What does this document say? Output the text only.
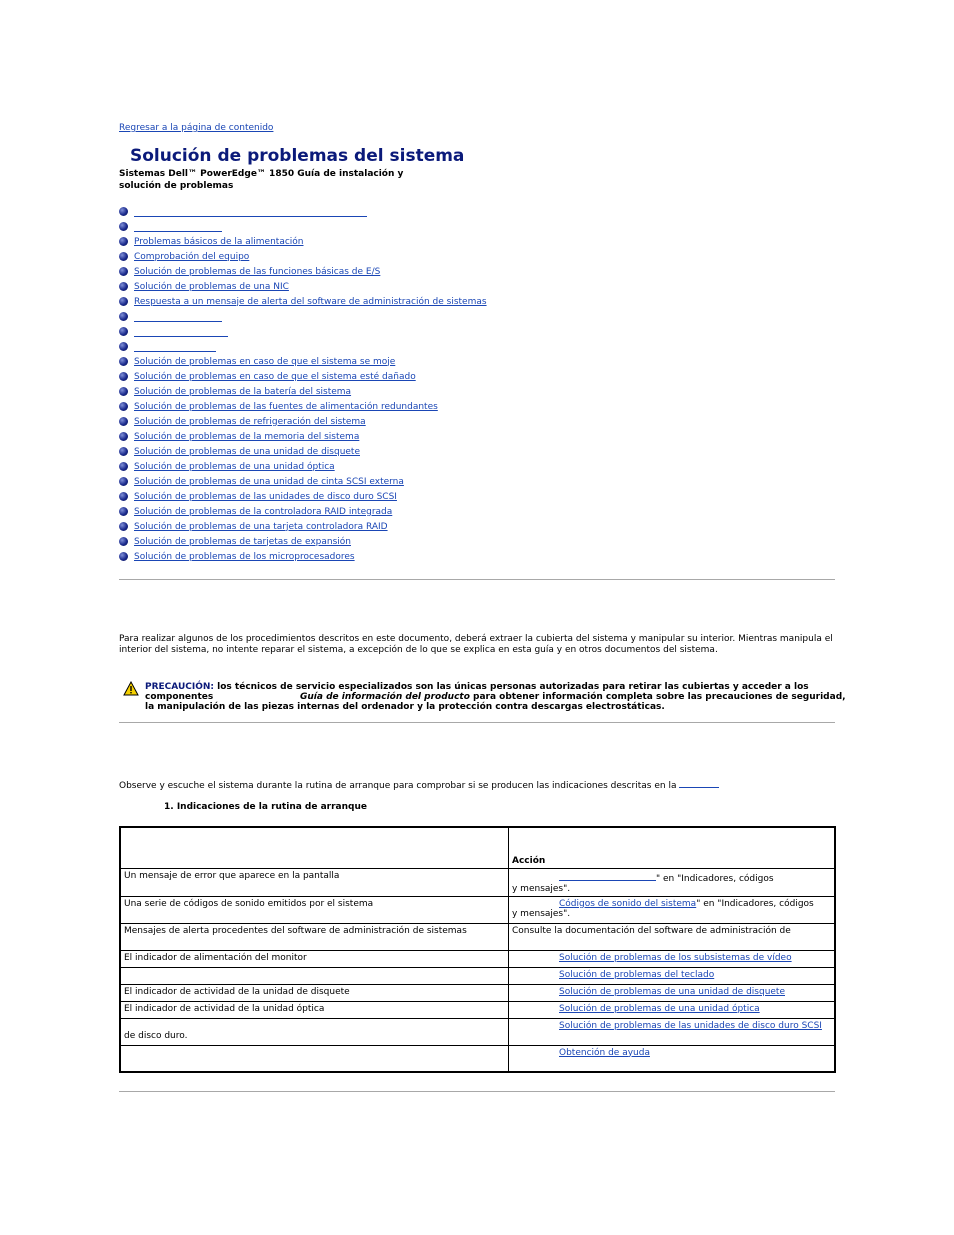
Regresar a la página de contenido
Solución de problemas del sistema
Sistemas Dell™ PowerEdge™ 1850 Guía de instalación y solución de problemas
Problemas básicos de la alimentación
Comprobación del equipo
Solución de problemas de las funciones básicas de E/S
Solución de problemas de una NIC
Respuesta a un mensaje de alerta del software de administración de sistemas
Solución de problemas en caso de que el sistema se moje
Solución de problemas en caso de que el sistema esté dañado
Solución de problemas de la batería del sistema
Solución de problemas de las fuentes de alimentación redundantes
Solución de problemas de refrigeración del sistema
Solución de problemas de la memoria del sistema
Solución de problemas de una unidad de disquete
Solución de problemas de una unidad óptica
Solución de problemas de una unidad de cinta SCSI externa
Solución de problemas de las unidades de disco duro SCSI
Solución de problemas de la controladora RAID integrada
Solución de problemas de una tarjeta controladora RAID
Solución de problemas de tarjetas de expansión
Solución de problemas de los microprocesadores
Para realizar algunos de los procedimientos descritos en este documento, deberá extraer la cubierta del sistema y manipular su interior. Mientras manipula el interior del sistema, no intente reparar el sistema, a excepción de lo que se explica en esta guía y en otros documentos del sistema.
PRECAUCIÓN: los técnicos de servicio especializados son las únicas personas autorizadas para retirar las cubiertas y acceder a los componentes	Guía de información del producto para obtener información completa sobre las precauciones de seguridad,
la manipulación de las piezas internas del ordenador y la protección contra descargas electrostáticas.
Observe y escuche el sistema durante la rutina de arranque para comprobar si se producen las indicaciones descritas en la
1. Indicaciones de la rutina de arranque
	Acción
Un mensaje de error que aparece en la pantalla	" en "Indicadores, códigos
y mensajes".
Una serie de códigos de sonido emitidos por el sistema	Códigos de sonido del sistema" en "Indicadores, códigos
y mensajes".
Mensajes de alerta procedentes del software de administración de sistemas	Consulte la documentación del software de administración de
El indicador de alimentación del monitor	Solución de problemas de los subsistemas de vídeo

	Solución de problemas del teclado

El indicador de actividad de la unidad de disquete	Solución de problemas de una unidad de disquete

El indicador de actividad de la unidad óptica	Solución de problemas de una unidad óptica

de disco duro.	Solución de problemas de las unidades de disco duro SCSI

	Obtención de ayuda
